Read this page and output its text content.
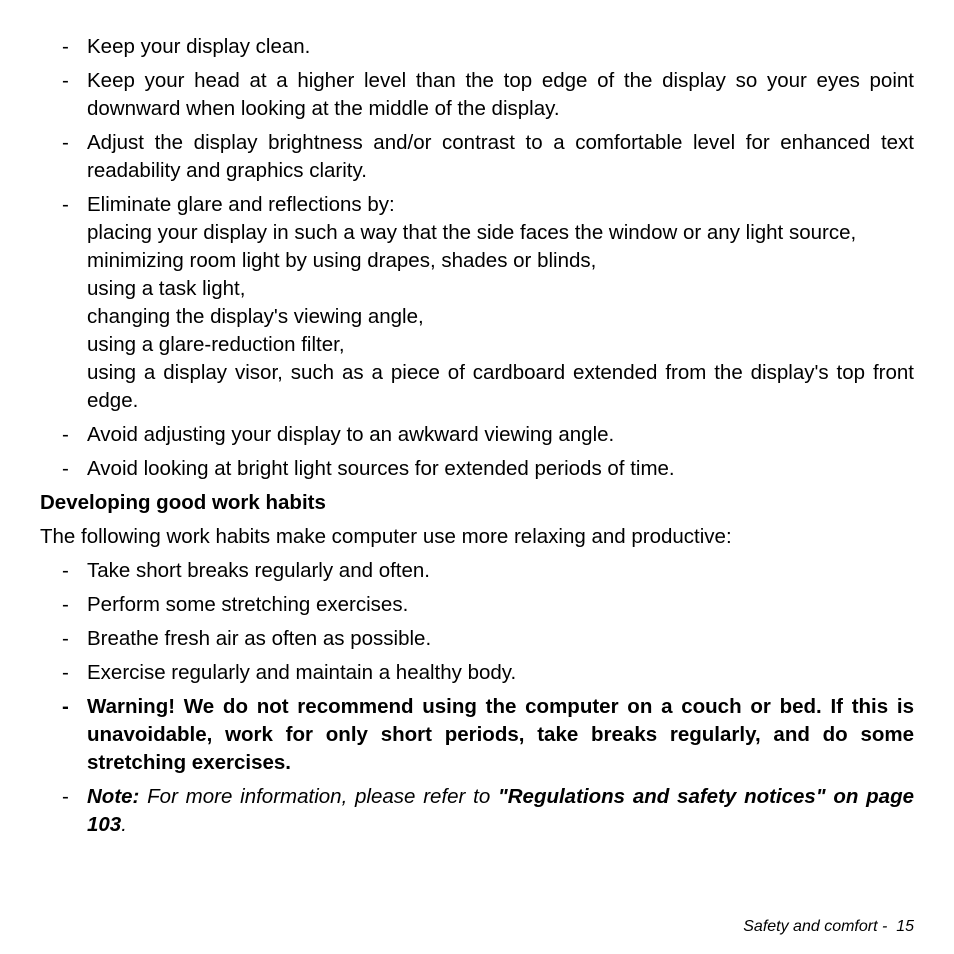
- Keep your display clean.
- Keep your head at a higher level than the top edge of the display so your eyes point downward when looking at the middle of the display.
- Adjust the display brightness and/or contrast to a comfortable level for enhanced text readability and graphics clarity.
- Eliminate glare and reflections by:
placing your display in such a way that the side faces the window or any light source,
minimizing room light by using drapes, shades or blinds,
using a task light,
changing the display's viewing angle,
using a glare-reduction filter,
using a display visor, such as a piece of cardboard extended from the display's top front edge.
- Avoid adjusting your display to an awkward viewing angle.
- Avoid looking at bright light sources for extended periods of time.
Developing good work habits
The following work habits make computer use more relaxing and productive:
- Take short breaks regularly and often.
- Perform some stretching exercises.
- Breathe fresh air as often as possible.
- Exercise regularly and maintain a healthy body.
- Warning! We do not recommend using the computer on a couch or bed. If this is unavoidable, work for only short periods, take breaks regularly, and do some stretching exercises.
- Note: For more information, please refer to "Regulations and safety notices" on page 103.
Safety and comfort - 15
